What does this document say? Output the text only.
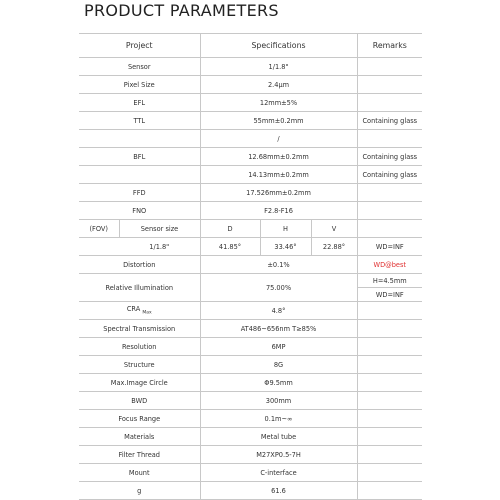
PRODUCT PARAMETERS
Project		Specifications			Remarks
Sensor		1/1.8"			
Pixel Size		2.4μm			
EFL		12mm±5%			
TTL		55mm±0.2mm			Containing glass
		/			
BFL		12.68mm±0.2mm			Containing glass
		14.13mm±0.2mm			Containing glass
FFD		17.526mm±0.2mm			
FNO		F2.8-F16			
(FOV)	Sensor size	D	H	V	
	1/1.8"	41.85°	33.46°	22.88°	WD=INF
Distortion		±0.1%			WD@best
Relative Illumination		75.00%			H=4.5mm
					WD=INF
CRA $_{Max}$		4.8°			
Spectral Transmission		AT486~656nm T≥85%			
Resolution		6MP			
Structure		8G			
Max.Image Circle		Φ9.5mm			
BWD		300mm			
Focus Range		0.1m~∞			
Materials		Metal tube			
Filter Thread		M27XP0.5-7H			
Mount		C-interface			
g		61.6			
